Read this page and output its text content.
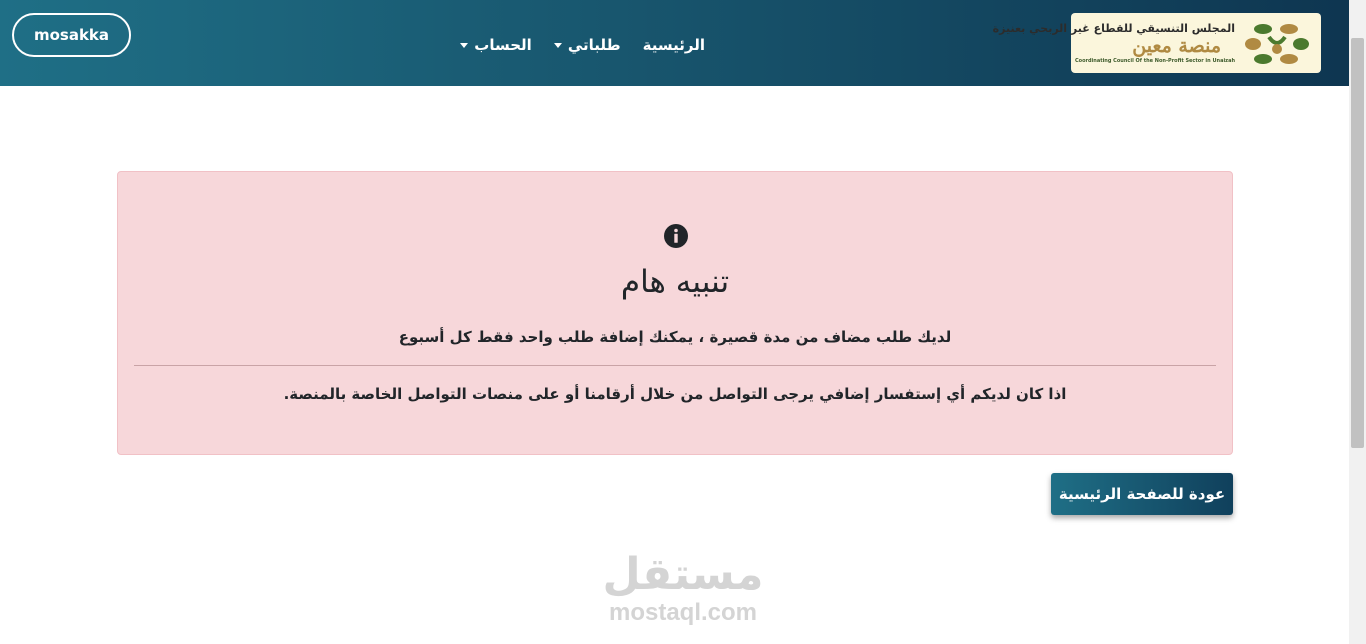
mosakka
الرئيسية
طلباتي
الحساب
المجلس التنسيقي للقطاع غير الربحي بعنيزة
منصة معين
Coordinating Council Of the Non-Profit Sector in Unaizah
تنبيه هام
لديك طلب مضاف من مدة قصيرة ، يمكنك إضافة طلب واحد فقط كل أسبوع
اذا كان لديكم أي إستفسار إضافي يرجى التواصل من خلال أرقامنا أو على منصات التواصل الخاصة بالمنصة.
عودة للصفحة الرئيسية
مستقل
mostaql.com
